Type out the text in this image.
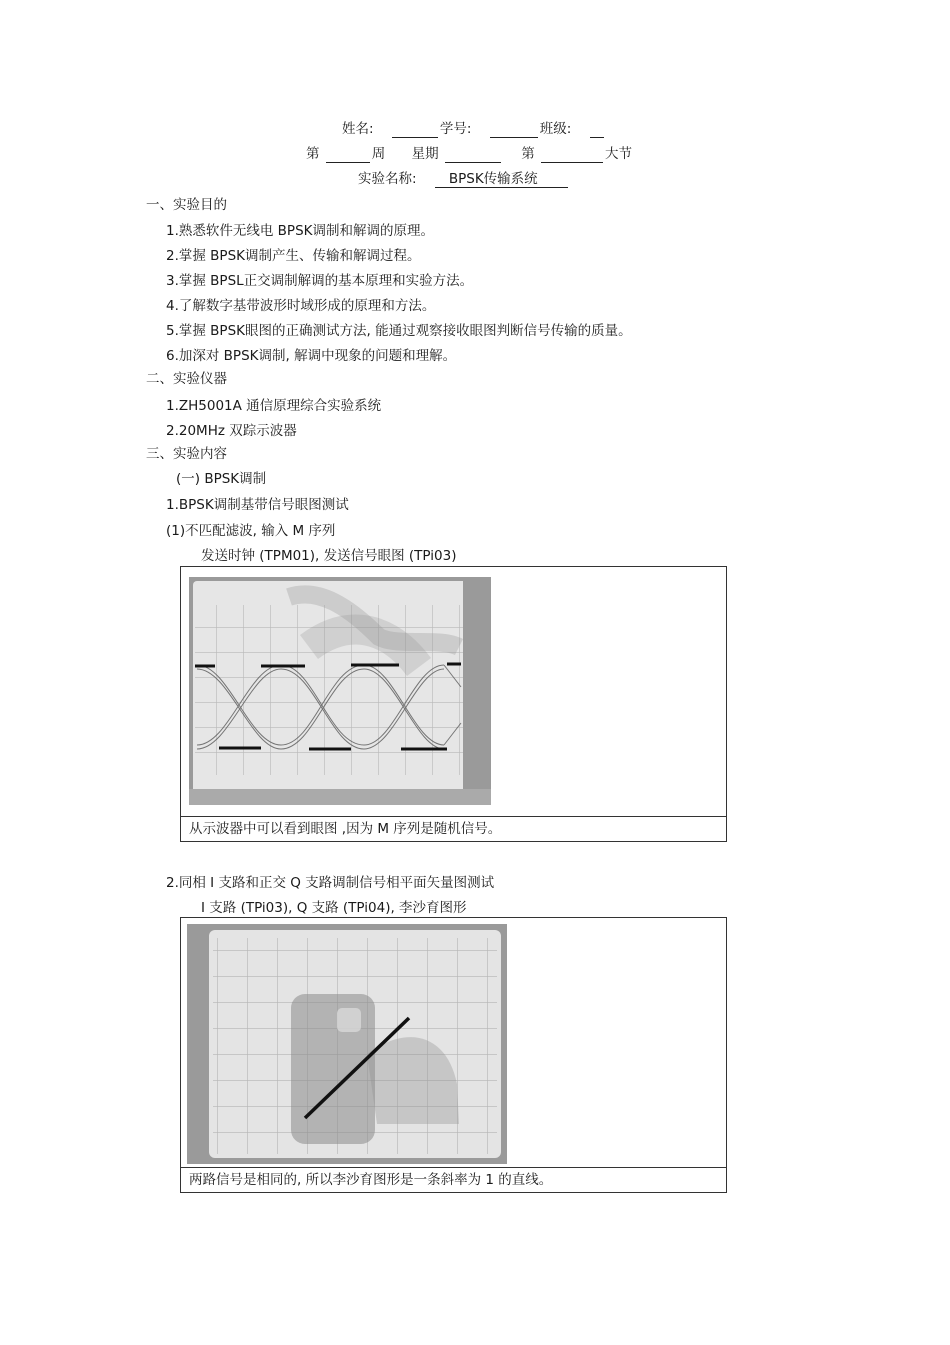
姓名:	学号:	班级:
第	周 星期	第	大节
实验名称: BPSK传输系统
一、实验目的
1.熟悉软件无线电 BPSK调制和解调的原理。
2.掌握 BPSK调制产生、传输和解调过程。
3.掌握 BPSL正交调制解调的基本原理和实验方法。
4.了解数字基带波形时域形成的原理和方法。
5.掌握 BPSK眼图的正确测试方法, 能通过观察接收眼图判断信号传输的质量。
6.加深对 BPSK调制, 解调中现象的问题和理解。
二、实验仪器
1.ZH5001A 通信原理综合实验系统
2.20MHz 双踪示波器
三、实验内容
(一) BPSK调制
1.BPSK调制基带信号眼图测试
(1)不匹配滤波, 输入 M 序列
发送时钟 (TPM01), 发送信号眼图 (TPi03)
从示波器中可以看到眼图 ,因为 M 序列是随机信号。
2.同相 I 支路和正交 Q 支路调制信号相平面矢量图测试
I 支路 (TPi03), Q 支路 (TPi04), 李沙育图形
两路信号是相同的, 所以李沙育图形是一条斜率为 1 的直线。
